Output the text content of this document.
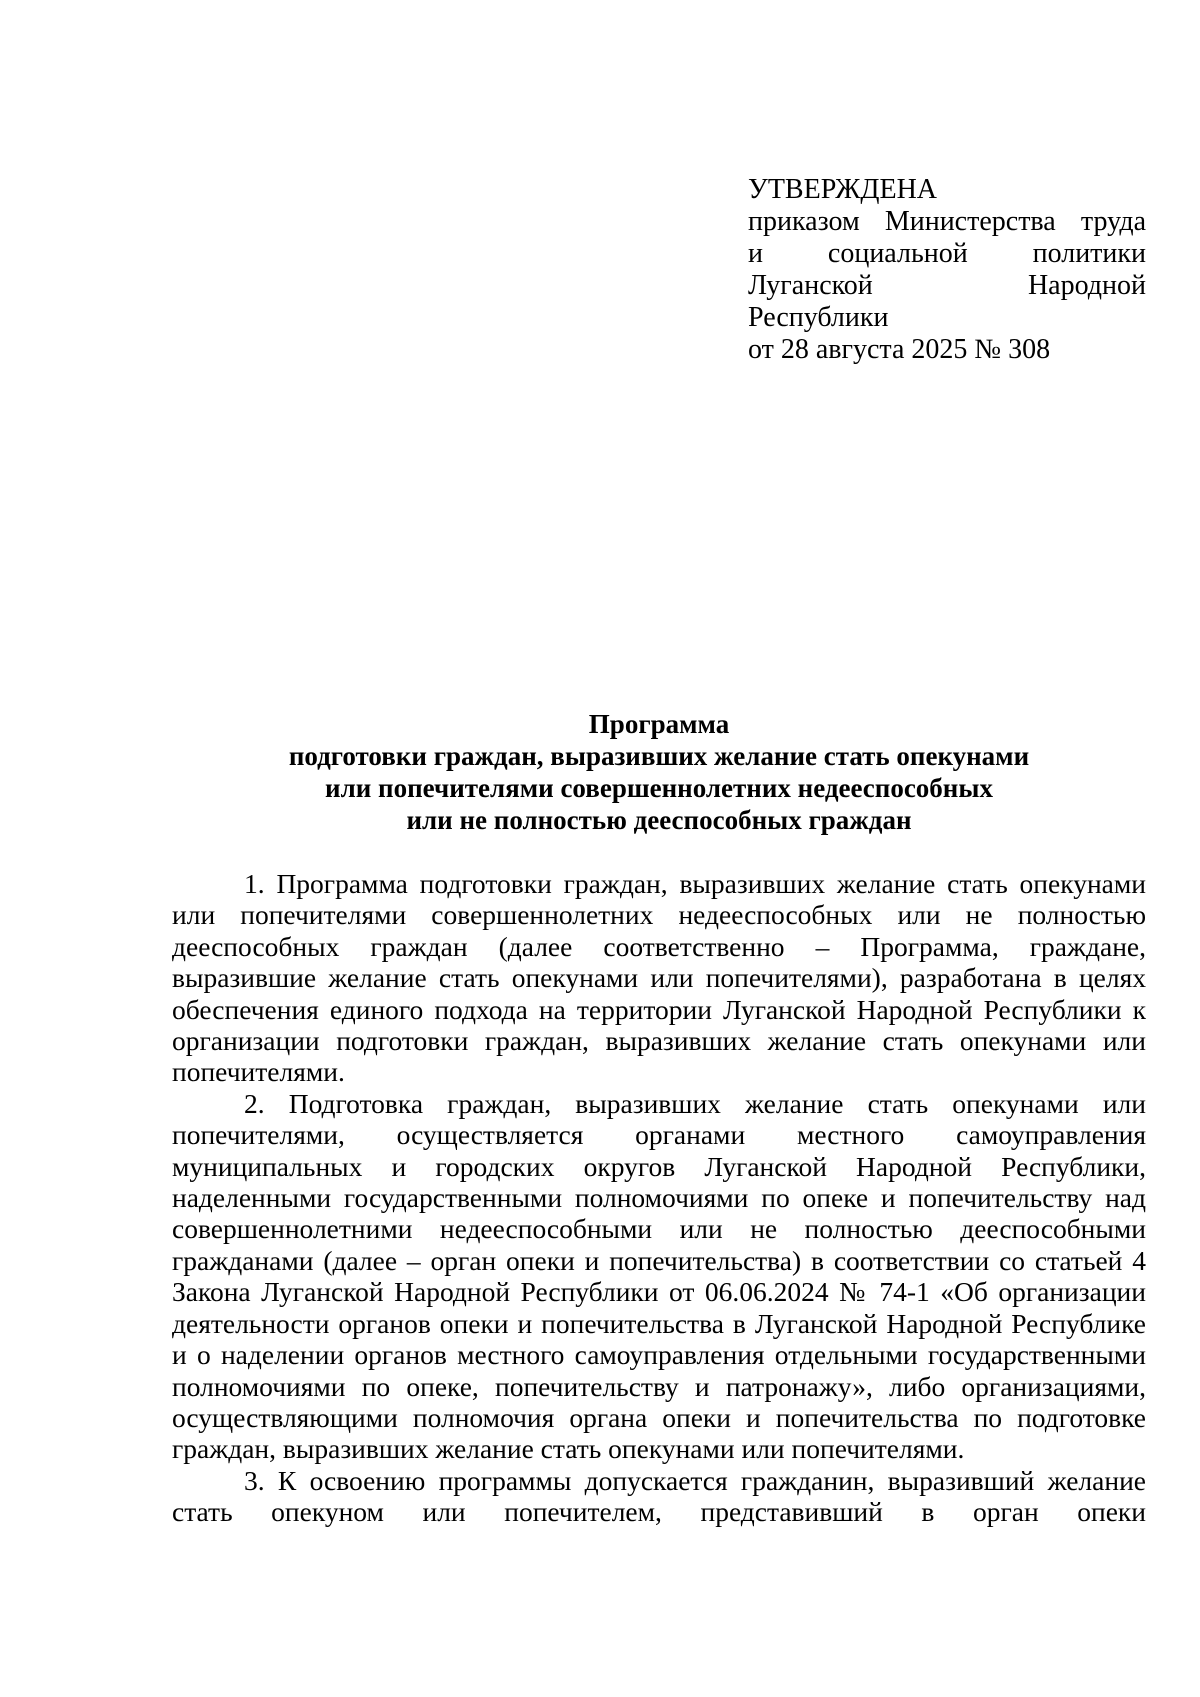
УТВЕРЖДЕНА
приказом Министерства труда
и социальной политики
Луганской Народной
Республики
от 28 августа 2025 № 308
Программа
подготовки граждан, выразивших желание стать опекунами
или попечителями совершеннолетних недееспособных
или не полностью дееспособных граждан

1. Программа подготовки граждан, выразивших желание стать опекунами или попечителями совершеннолетних недееспособных или не полностью дееспособных граждан (далее соответственно – Программа, граждане, выразившие желание стать опекунами или попечителями), разработана в целях обеспечения единого подхода на территории Луганской Народной Республики к организации подготовки граждан, выразивших желание стать опекунами или попечителями.

2. Подготовка граждан, выразивших желание стать опекунами или попечителями, осуществляется органами местного самоуправления муниципальных и городских округов Луганской Народной Республики, наделенными государственными полномочиями по опеке и попечительству над совершеннолетними недееспособными или не полностью дееспособными гражданами (далее – орган опеки и попечительства) в соответствии со статьей 4 Закона Луганской Народной Республики от 06.06.2024 № 74-1 «Об организации деятельности органов опеки и попечительства в Луганской Народной Республике и о наделении органов местного самоуправления отдельными государственными полномочиями по опеке, попечительству и патронажу», либо организациями, осуществляющими полномочия органа опеки и попечительства по подготовке граждан, выразивших желание стать опекунами или попечителями.

3. К освоению программы допускается гражданин, выразивший желание стать опекуном или попечителем, представивший в орган опеки
